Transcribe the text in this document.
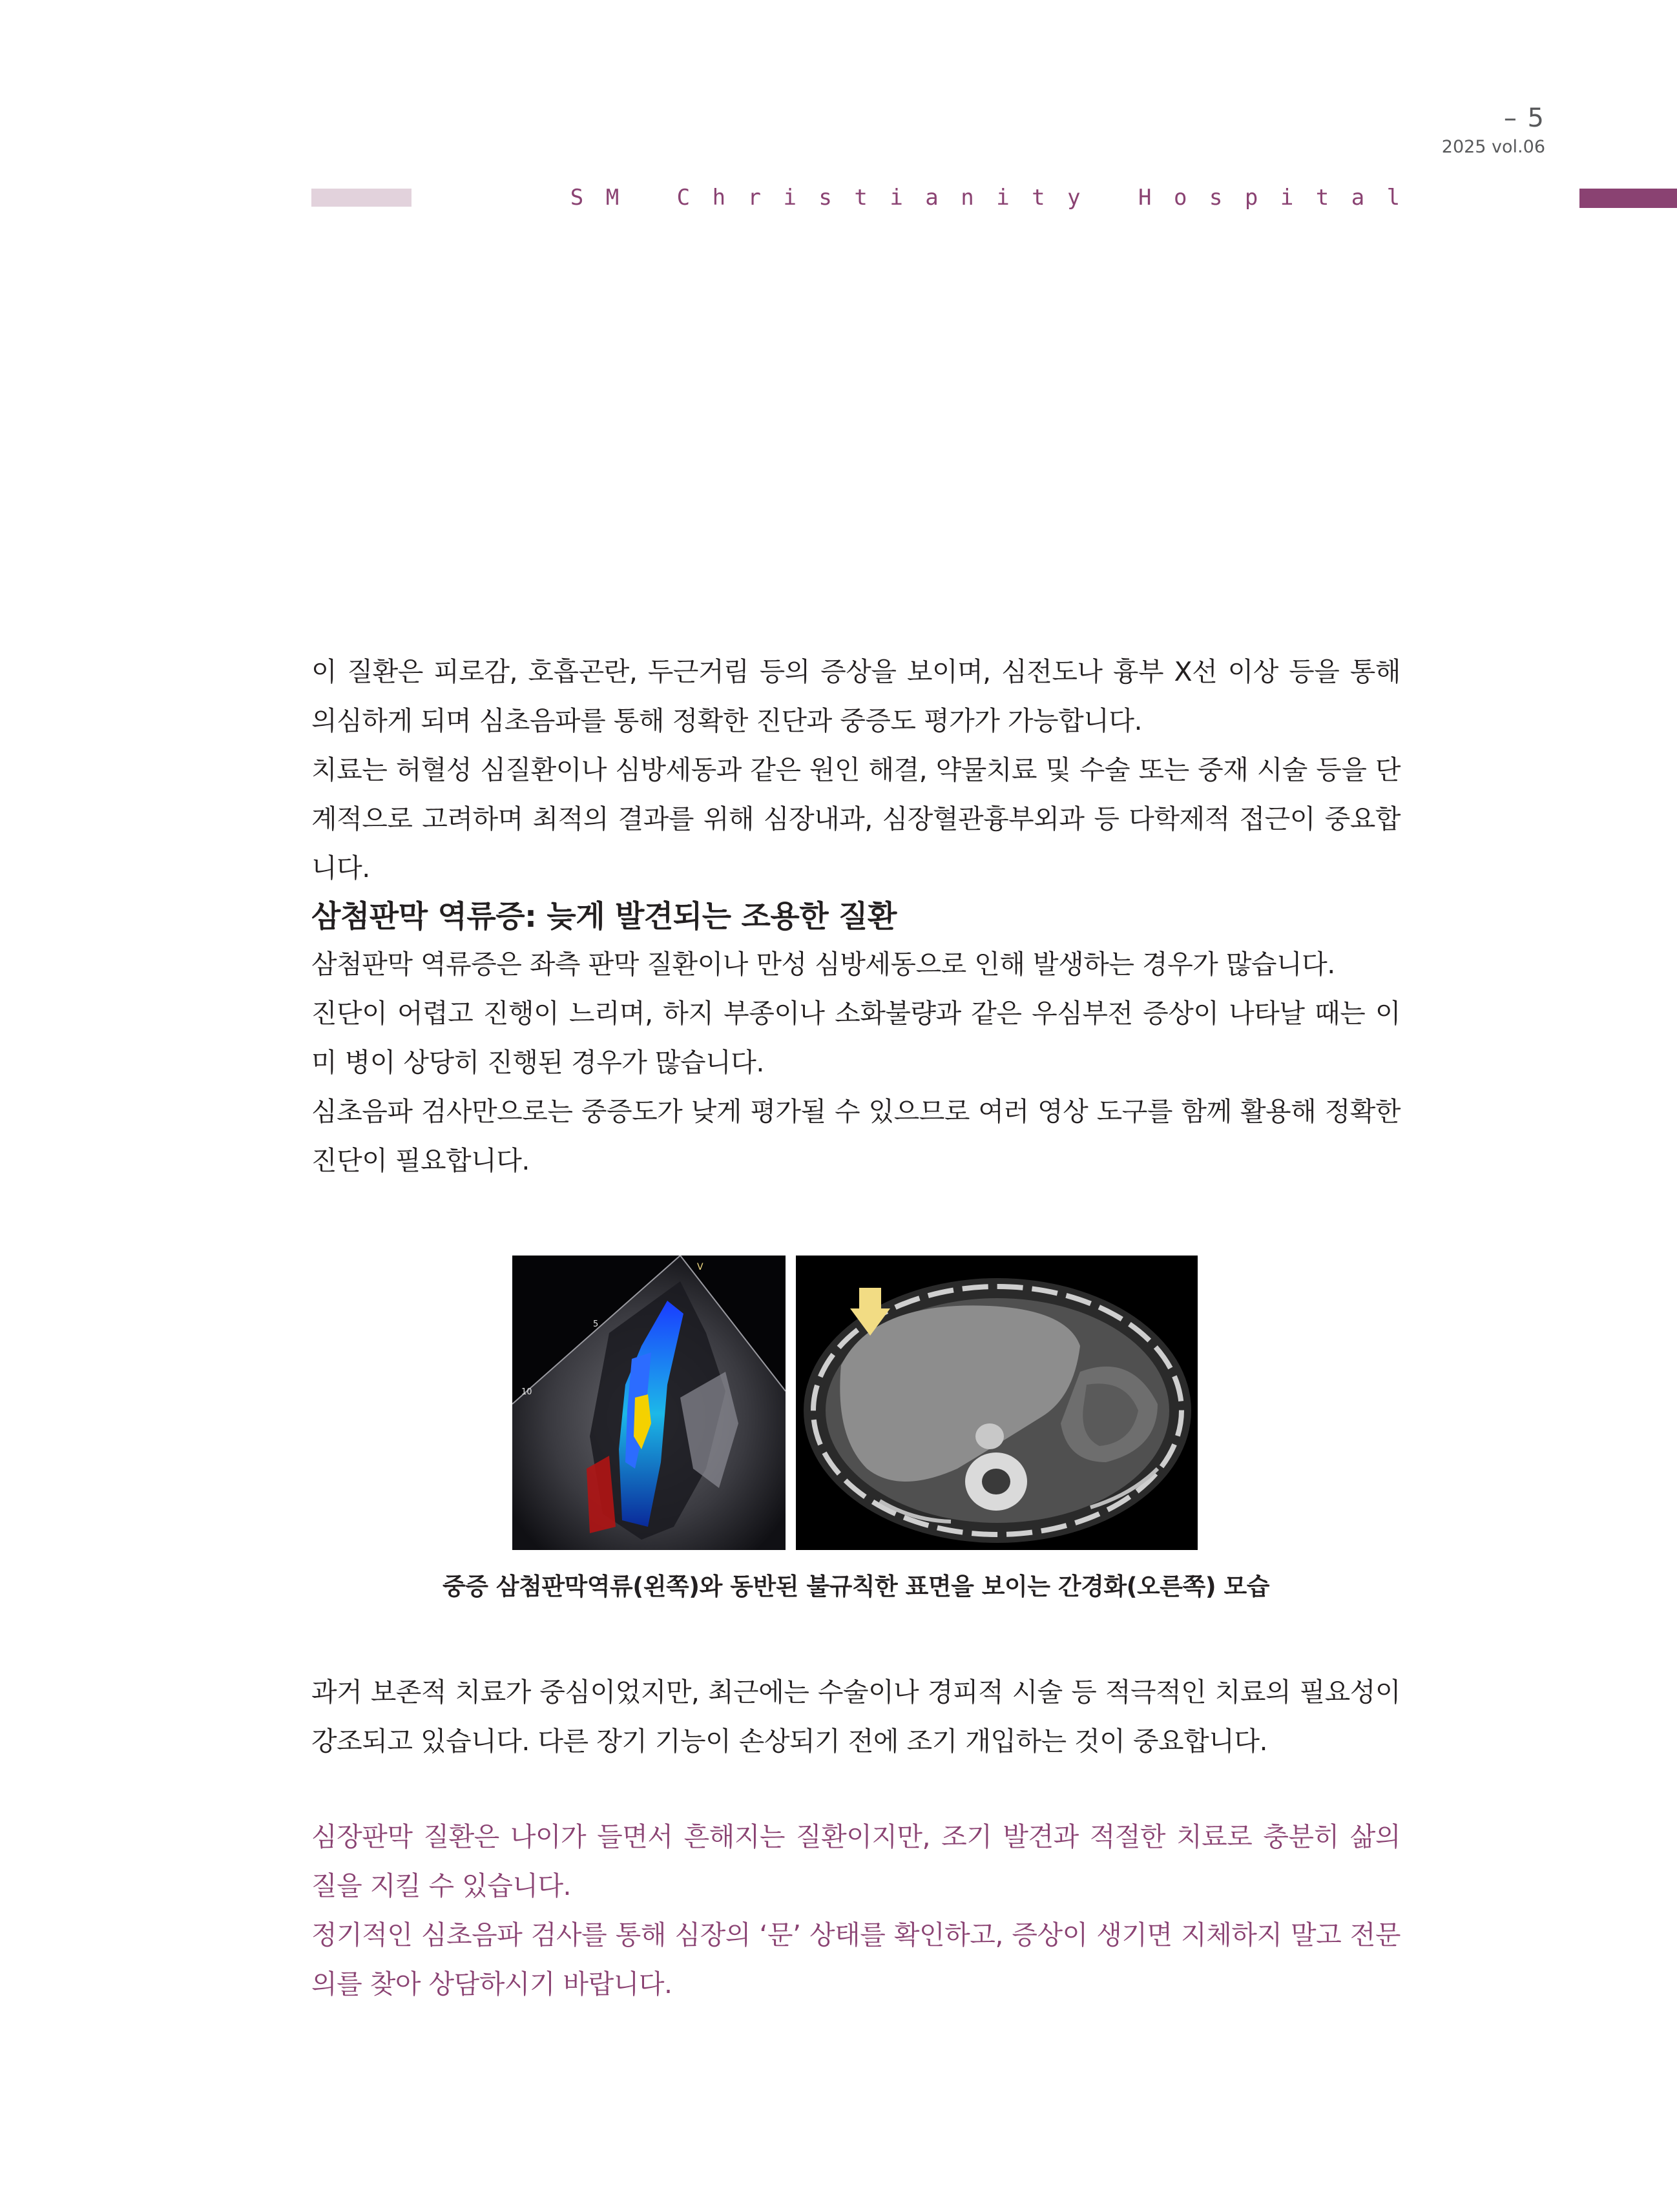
– 5
2025 vol.06
S M
	C h r i s t i a n i t y
	H o s p i t a l

이 질환은 피로감, 호흡곤란, 두근거림 등의 증상을 보이며, 심전도나 흉부 X선 이상 등을 통해 의심하게 되며 심초음파를 통해 정확한 진단과 중증도 평가가 가능합니다.

치료는 허혈성 심질환이나 심방세동과 같은 원인 해결, 약물치료 및 수술 또는 중재 시술 등을 단계적으로 고려하며 최적의 결과를 위해 심장내과, 심장혈관흉부외과 등 다학제적 접근이 중요합니다.

삼첨판막 역류증: 늦게 발견되는 조용한 질환

삼첨판막 역류증은 좌측 판막 질환이나 만성 심방세동으로 인해 발생하는 경우가 많습니다.

진단이 어렵고 진행이 느리며, 하지 부종이나 소화불량과 같은 우심부전 증상이 나타날 때는 이미 병이 상당히 진행된 경우가 많습니다.

심초음파 검사만으로는 중증도가 낮게 평가될 수 있으므로 여러 영상 도구를 함께 활용해 정확한 진단이 필요합니다.

V
5
10
중증 삼첨판막역류(왼쪽)와 동반된 불규칙한 표면을 보이는 간경화(오른쪽) 모습

과거 보존적 치료가 중심이었지만, 최근에는 수술이나 경피적 시술 등 적극적인 치료의 필요성이 강조되고 있습니다. 다른 장기 기능이 손상되기 전에 조기 개입하는 것이 중요합니다.

심장판막 질환은 나이가 들면서 흔해지는 질환이지만, 조기 발견과 적절한 치료로 충분히 삶의 질을 지킬 수 있습니다.

정기적인 심초음파 검사를 통해 심장의 ‘문’ 상태를 확인하고, 증상이 생기면 지체하지 말고 전문의를 찾아 상담하시기 바랍니다.
